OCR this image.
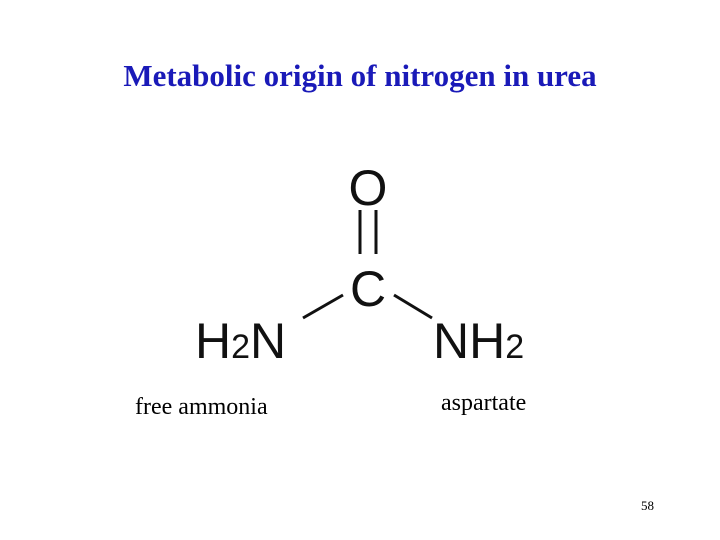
Metabolic origin of nitrogen in urea
O
C
H2N	NH2
free ammonia	aspartate
58
